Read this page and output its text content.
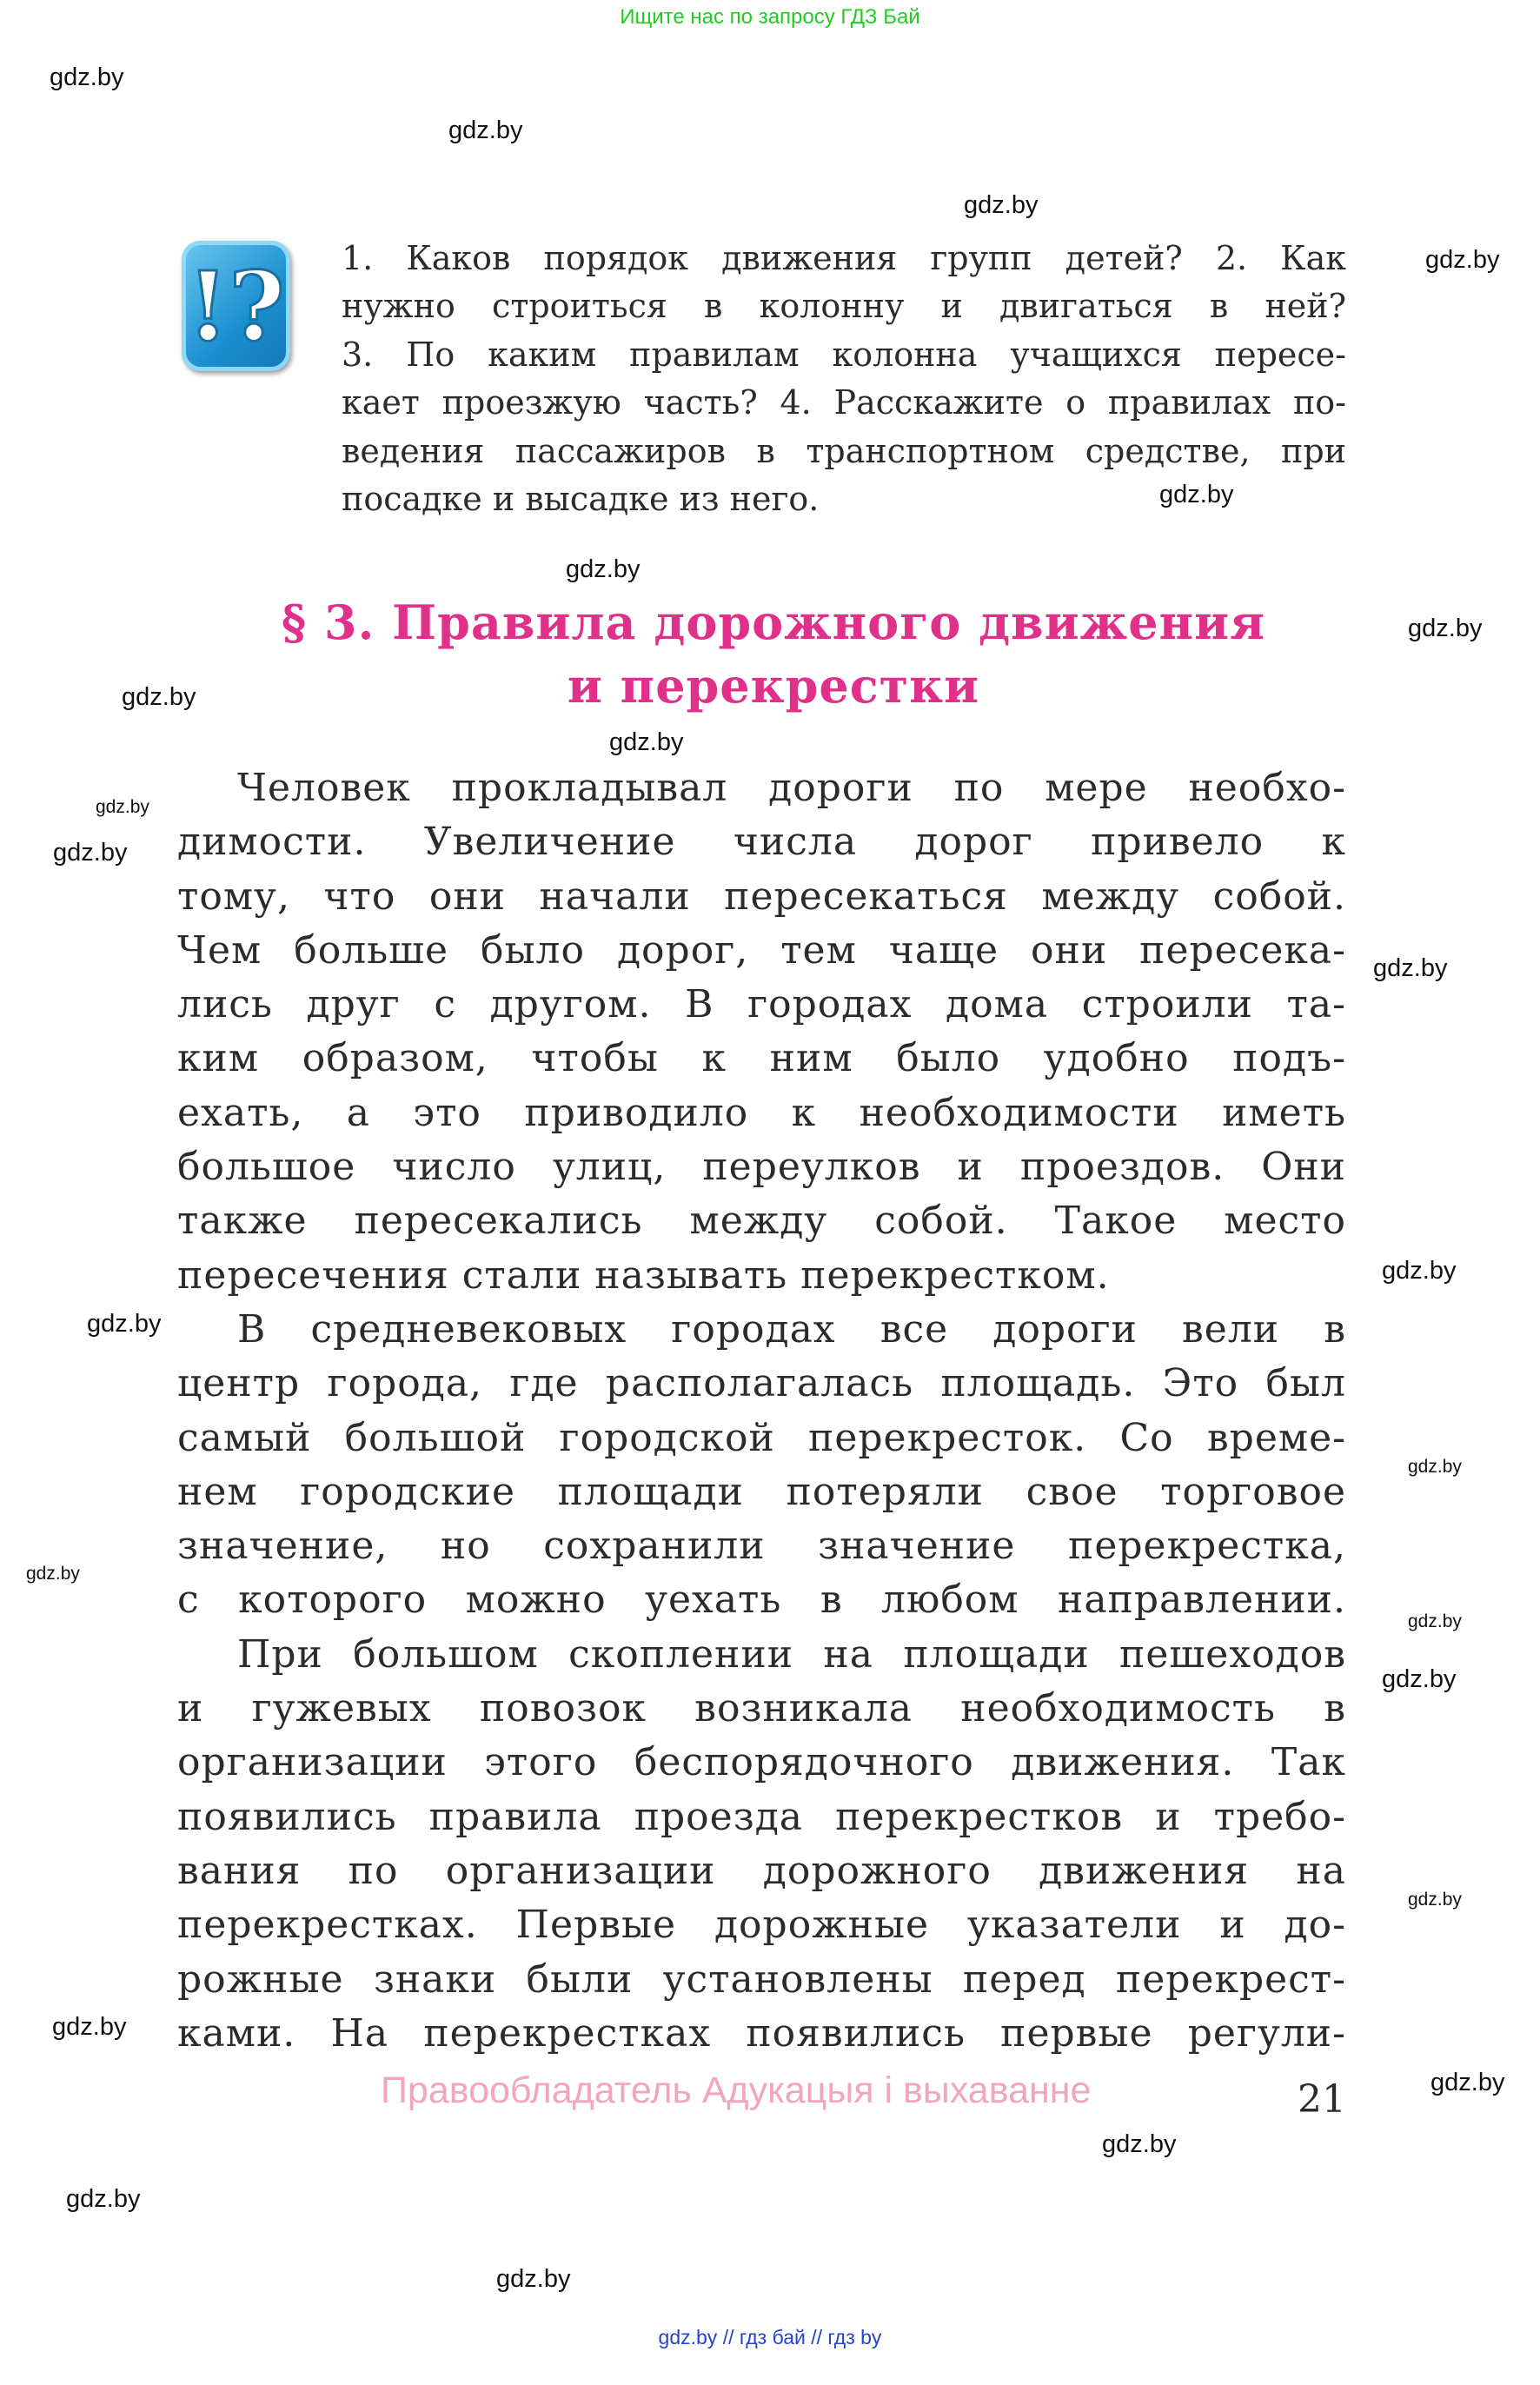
Ищите нас по запросу ГДЗ Бай
!? 1. Каков порядок движения групп детей? 2. Как
нужно строиться в колонну и двигаться в ней?
3. По каким правилам колонна учащихся пересе-
кает проезжую часть? 4. Расскажите о правилах по-
ведения пассажиров в транспортном средстве, при
посадке и высадке из него.
§ 3. Правила дорожного движения
и перекрестки
Человек прокладывал дороги по мере необхо-
димости. Увеличение числа дорог привело к
тому, что они начали пересекаться между собой.
Чем больше было дорог, тем чаще они пересека-
лись друг с другом. В городах дома строили та-
ким образом, чтобы к ним было удобно подъ-
ехать, а это приводило к необходимости иметь
большое число улиц, переулков и проездов. Они
также пересекались между собой. Такое место
пересечения стали называть перекрестком.
В средневековых городах все дороги вели в
центр города, где располагалась площадь. Это был
самый большой городской перекресток. Со време-
нем городские площади потеряли свое торговое
значение, но сохранили значение перекрестка,
с которого можно уехать в любом направлении.
При большом скоплении на площади пешеходов
и гужевых повозок возникала необходимость в
организации этого беспорядочного движения. Так
появились правила проезда перекрестков и требо-
вания по организации дорожного движения на
перекрестках. Первые дорожные указатели и до-
рожные знаки были установлены перед перекрест-
ками. На перекрестках появились первые регули-
Правообладатель Адукацыя і выхаванне	21
gdz.by
gdz.by
gdz.by
gdz.by
gdz.by
gdz.by
gdz.by
gdz.by
gdz.by
gdz.by
gdz.by
gdz.by
gdz.by
gdz.by
gdz.by
gdz.by
gdz.by
gdz.by
gdz.by
gdz.by
gdz.by
gdz.by
gdz.by
gdz.by
gdz.by // гдз бай // гдз by
